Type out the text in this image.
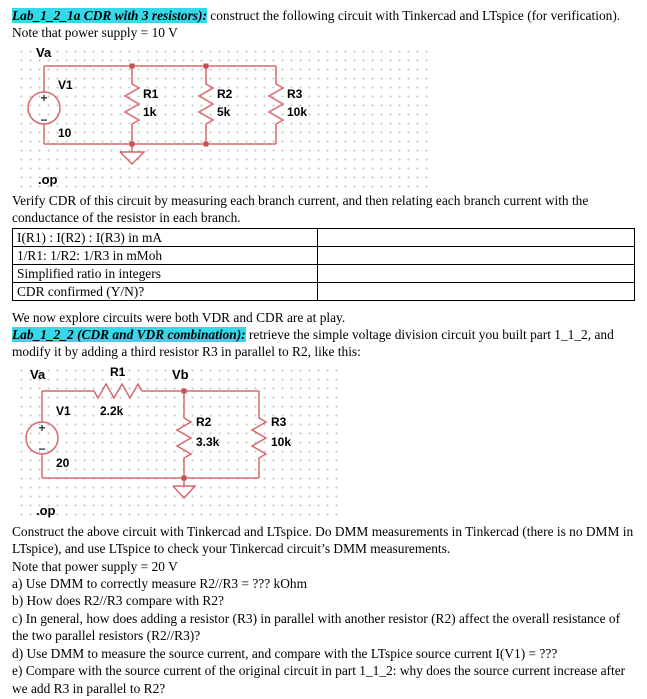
Lab_1_2_1a CDR with 3 resistors): construct the following circuit with Tinkercad and LTspice (for verification). Note that power supply = 10 V

+
−
Va
V1
10
R1
1k
R2
5k
R3
10k
.op

Verify CDR of this circuit by measuring each branch current, and then relating each branch current with the conductance of the resistor in each branch.

I(R1) : I(R2) : I(R3) in mA	
1/R1: 1/R2: 1/R3 in mMoh	
Simplified ratio in integers	
CDR confirmed (Y/N)?	

We now explore circuits were both VDR and CDR are at play.

Lab_1_2_2 (CDR and VDR combination): retrieve the simple voltage division circuit you built part 1_1_2, and modify it by adding a third resistor R3 in parallel to R2, like this:

+
−
Va	Vb
R1
2.2k
V1
20
R2
3.3k
R3
10k
.op

Construct the above circuit with Tinkercad and LTspice. Do DMM measurements in Tinkercad (there is no DMM in LTspice), and use LTspice to check your Tinkercad circuit’s DMM measurements.

Note that power supply = 20 V

a) Use DMM to correctly measure R2//R3 = ??? kOhm

b) How does R2//R3 compare with R2?

c) In general, how does adding a resistor (R3) in parallel with another resistor (R2) affect the overall resistance of the two parallel resistors (R2//R3)?

d) Use DMM to measure the source current, and compare with the LTspice source current I(V1) = ???

e) Compare with the source current of the original circuit in part 1_1_2: why does the source current increase after we add R3 in parallel to R2?
